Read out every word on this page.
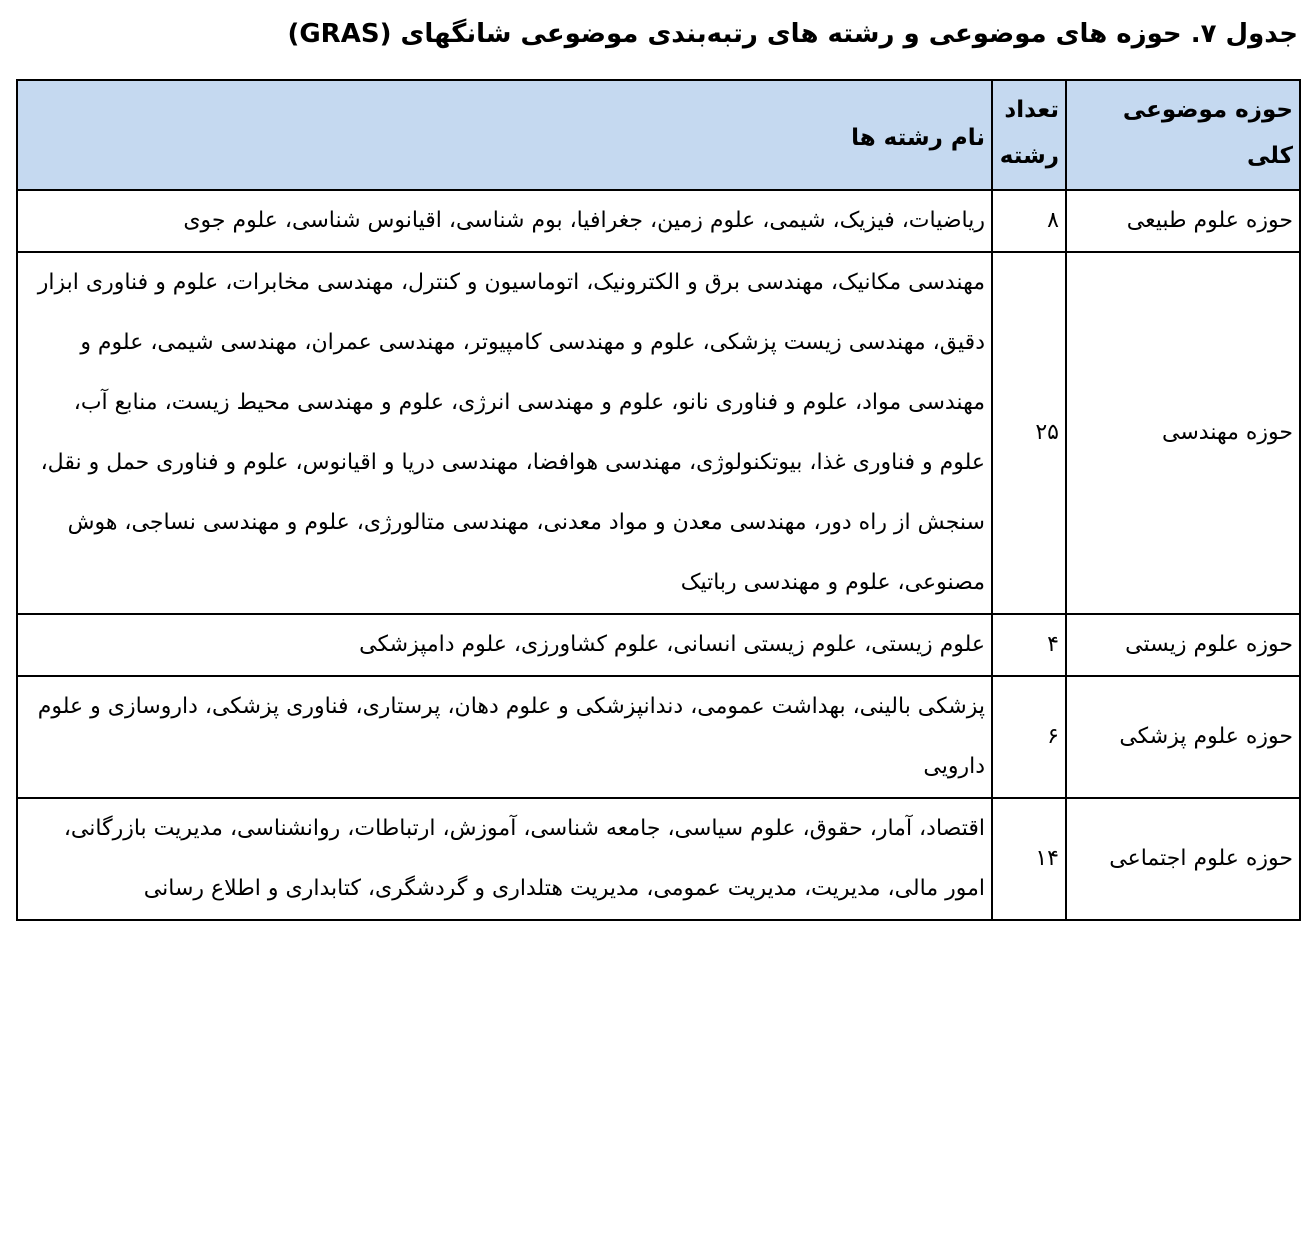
جدول ۷. حوزه های موضوعی و رشته های رتبه‌بندی موضوعی شانگهای (GRAS)
حوزه موضوعی کلی	تعداد رشته	نام رشته ها
حوزه علوم طبیعی	۸	ریاضیات، فیزیک، شیمی، علوم زمین، جغرافیا، بوم شناسی، اقیانوس شناسی، علوم جوی
حوزه مهندسی	۲۵	مهندسی مکانیک، مهندسی برق و الکترونیک، اتوماسیون و کنترل، مهندسی مخابرات، علوم و فناوری ابزار دقیق، مهندسی زیست پزشکی، علوم و مهندسی کامپیوتر، مهندسی عمران، مهندسی شیمی، علوم و مهندسی مواد، علوم و فناوری نانو، علوم و مهندسی انرژی، علوم و مهندسی محیط زیست، منابع آب، علوم و فناوری غذا، بیوتکنولوژی، مهندسی هوافضا، مهندسی دریا و اقیانوس، علوم و فناوری حمل و نقل، سنجش از راه دور، مهندسی معدن و مواد معدنی، مهندسی متالورژی، علوم و مهندسی نساجی، هوش مصنوعی، علوم و مهندسی رباتیک
حوزه علوم زیستی	۴	علوم زیستی، علوم زیستی انسانی، علوم کشاورزی، علوم دامپزشکی
حوزه علوم پزشکی	۶	پزشکی بالینی، بهداشت عمومی، دندانپزشکی و علوم دهان، پرستاری، فناوری پزشکی، داروسازی و علوم دارویی
حوزه علوم اجتماعی	۱۴	اقتصاد، آمار، حقوق، علوم سیاسی، جامعه شناسی، آموزش، ارتباطات، روانشناسی، مدیریت بازرگانی، امور مالی، مدیریت، مدیریت عمومی، مدیریت هتلداری و گردشگری، کتابداری و اطلاع رسانی
